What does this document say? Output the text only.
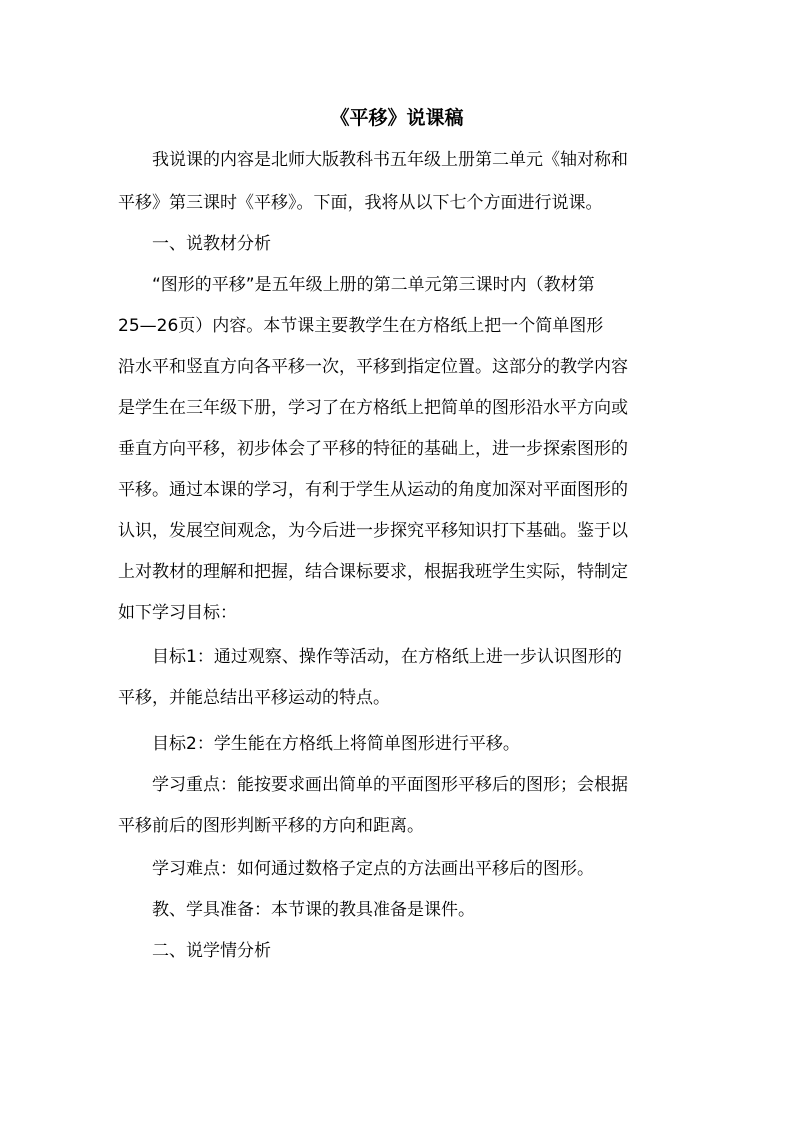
《平移》说课稿
我说课的内容是北师大版教科书五年级上册第二单元《轴对称和
平移》第三课时《平移》。下面，我将从以下七个方面进行说课。
一、说教材分析
“图形的平移”是五年级上册的第二单元第三课时内（教材第
25—26页）内容。本节课主要教学生在方格纸上把一个简单图形
沿水平和竖直方向各平移一次，平移到指定位置。这部分的教学内容
是学生在三年级下册，学习了在方格纸上把简单的图形沿水平方向或
垂直方向平移，初步体会了平移的特征的基础上，进一步探索图形的
平移。通过本课的学习，有利于学生从运动的角度加深对平面图形的
认识，发展空间观念，为今后进一步探究平移知识打下基础。鉴于以
上对教材的理解和把握，结合课标要求，根据我班学生实际，特制定
如下学习目标：
目标1：通过观察、操作等活动，在方格纸上进一步认识图形的
平移，并能总结出平移运动的特点。
目标2：学生能在方格纸上将简单图形进行平移。
学习重点：能按要求画出简单的平面图形平移后的图形；会根据
平移前后的图形判断平移的方向和距离。
学习难点：如何通过数格子定点的方法画出平移后的图形。
教、学具准备：本节课的教具准备是课件。
二、说学情分析
